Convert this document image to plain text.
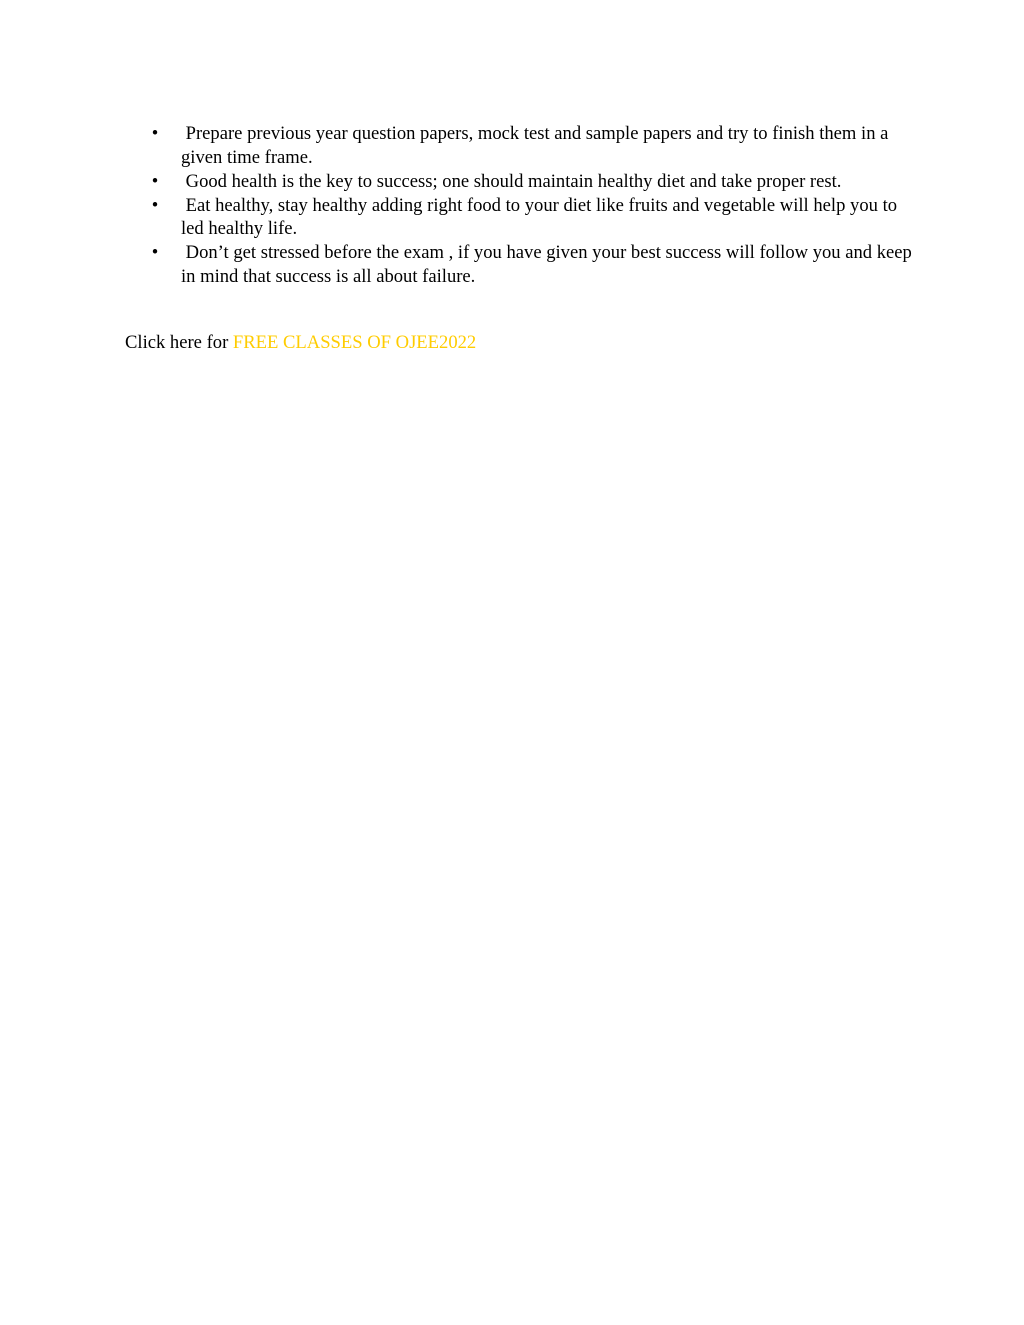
• Prepare previous year question papers, mock test and sample papers and try to finish them in a given time frame.
• Good health is the key to success; one should maintain healthy diet and take proper rest.
• Eat healthy, stay healthy adding right food to your diet like fruits and vegetable will help you to led healthy life.
• Don’t get stressed before the exam , if you have given your best success will follow you and keep in mind that success is all about failure.

Click here for FREE CLASSES OF OJEE2022
